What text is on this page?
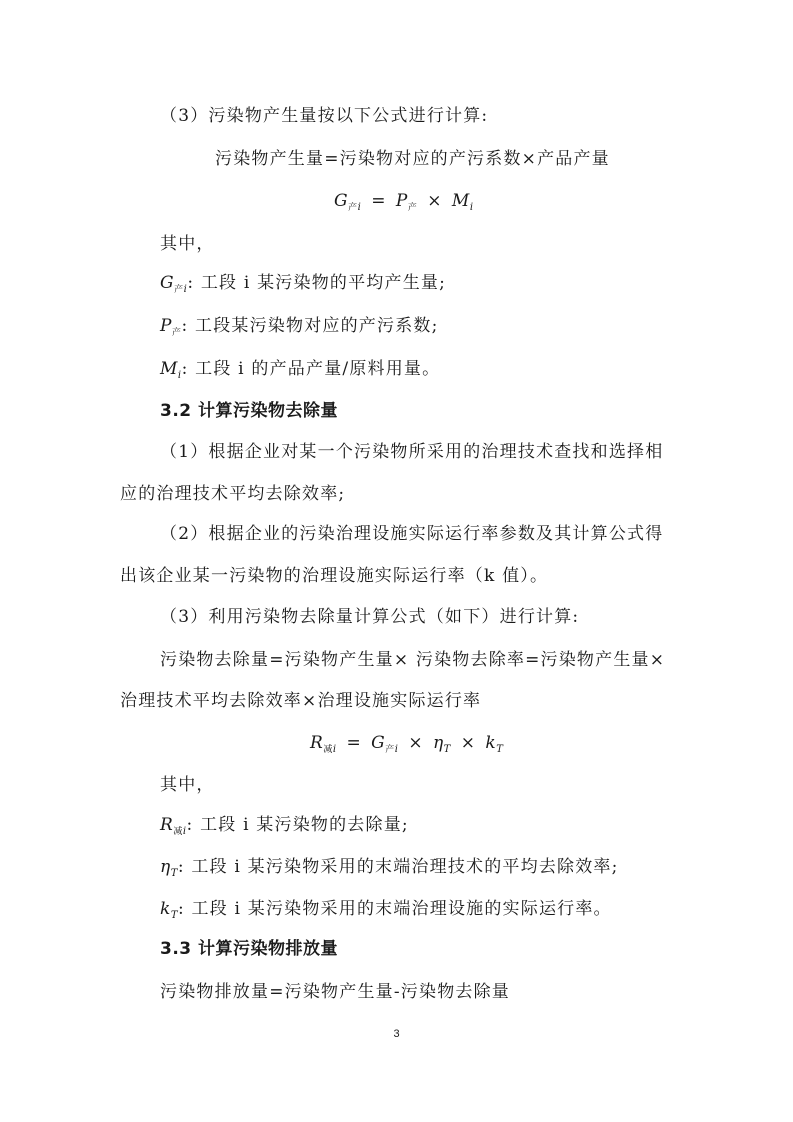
（3）污染物产生量按以下公式进行计算:
污染物产生量=污染物对应的产污系数×产品产量
$G_{产i} = P_产 \times M_i$
其中，
$G_{产i}$: 工段 i 某污染物的平均产生量;
$P_产$: 工段某污染物对应的产污系数;
$M_i$: 工段 i 的产品产量/原料用量。
3.2 计算污染物去除量
（1）根据企业对某一个污染物所采用的治理技术查找和选择相
应的治理技术平均去除效率;
（2）根据企业的污染治理设施实际运行率参数及其计算公式得
出该企业某一污染物的治理设施实际运行率（k 值）。
（3）利用污染物去除量计算公式（如下）进行计算:
污染物去除量=污染物产生量× 污染物去除率=污染物产生量×
治理技术平均去除效率×治理设施实际运行率
$R_{减i} = G_{产i} \times \eta_T \times k_T$
其中，
$R_{减i}$: 工段 i 某污染物的去除量;
$\eta_T$: 工段 i 某污染物采用的末端治理技术的平均去除效率;
$k_T$: 工段 i 某污染物采用的末端治理设施的实际运行率。
3.3 计算污染物排放量
污染物排放量=污染物产生量-污染物去除量
3
